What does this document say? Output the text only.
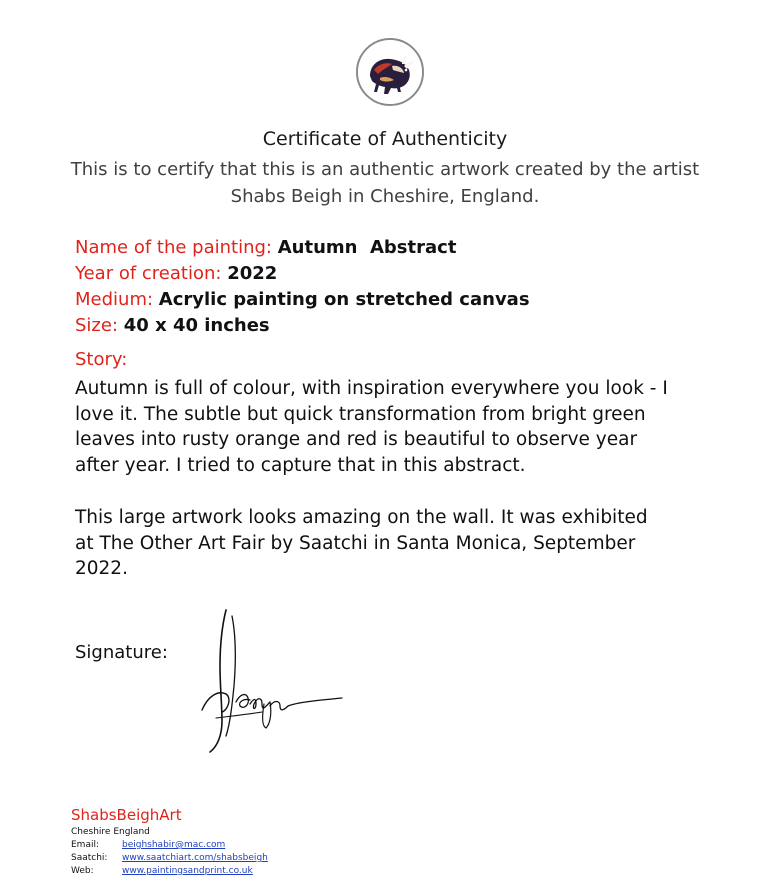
Certificate of Authenticity
This is to certify that this is an authentic artwork created by the artist
Shabs Beigh in Cheshire, England.
Name of the painting: Autumn  Abstract
Year of creation: 2022
Medium: Acrylic painting on stretched canvas
Size: 40 x 40 inches
Story:
Autumn is full of colour, with inspiration everywhere you look - I
love it. The subtle but quick transformation from bright green
leaves into rusty orange and red is beautiful to observe year
after year. I tried to capture that in this abstract.
This large artwork looks amazing on the wall. It was exhibited
at The Other Art Fair by Saatchi in Santa Monica, September
2022.
Signature:
ShabsBeighArt
Cheshire England
Email:	beighshabir@mac.com
Saatchi: www.saatchiart.com/shabsbeigh
Web:	www.paintingsandprint.co.uk
